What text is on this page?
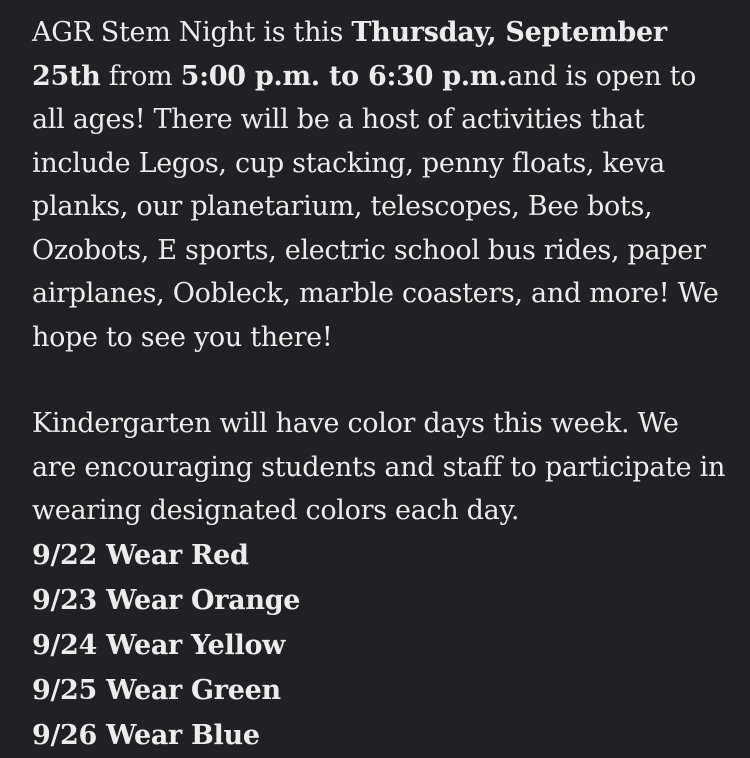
AGR Stem Night is this Thursday, September 25th from 5:00 p.m. to 6:30 p.m.and is open to all ages! There will be a host of activities that include Legos, cup stacking, penny floats, keva planks, our planetarium, telescopes, Bee bots, Ozobots, E sports, electric school bus rides, paper airplanes, Oobleck, marble coasters, and more! We hope to see you there!

Kindergarten will have color days this week. We are encouraging students and staff to participate in wearing designated colors each day.

9/22 Wear Red
9/23 Wear Orange
9/24 Wear Yellow
9/25 Wear Green
9/26 Wear Blue
